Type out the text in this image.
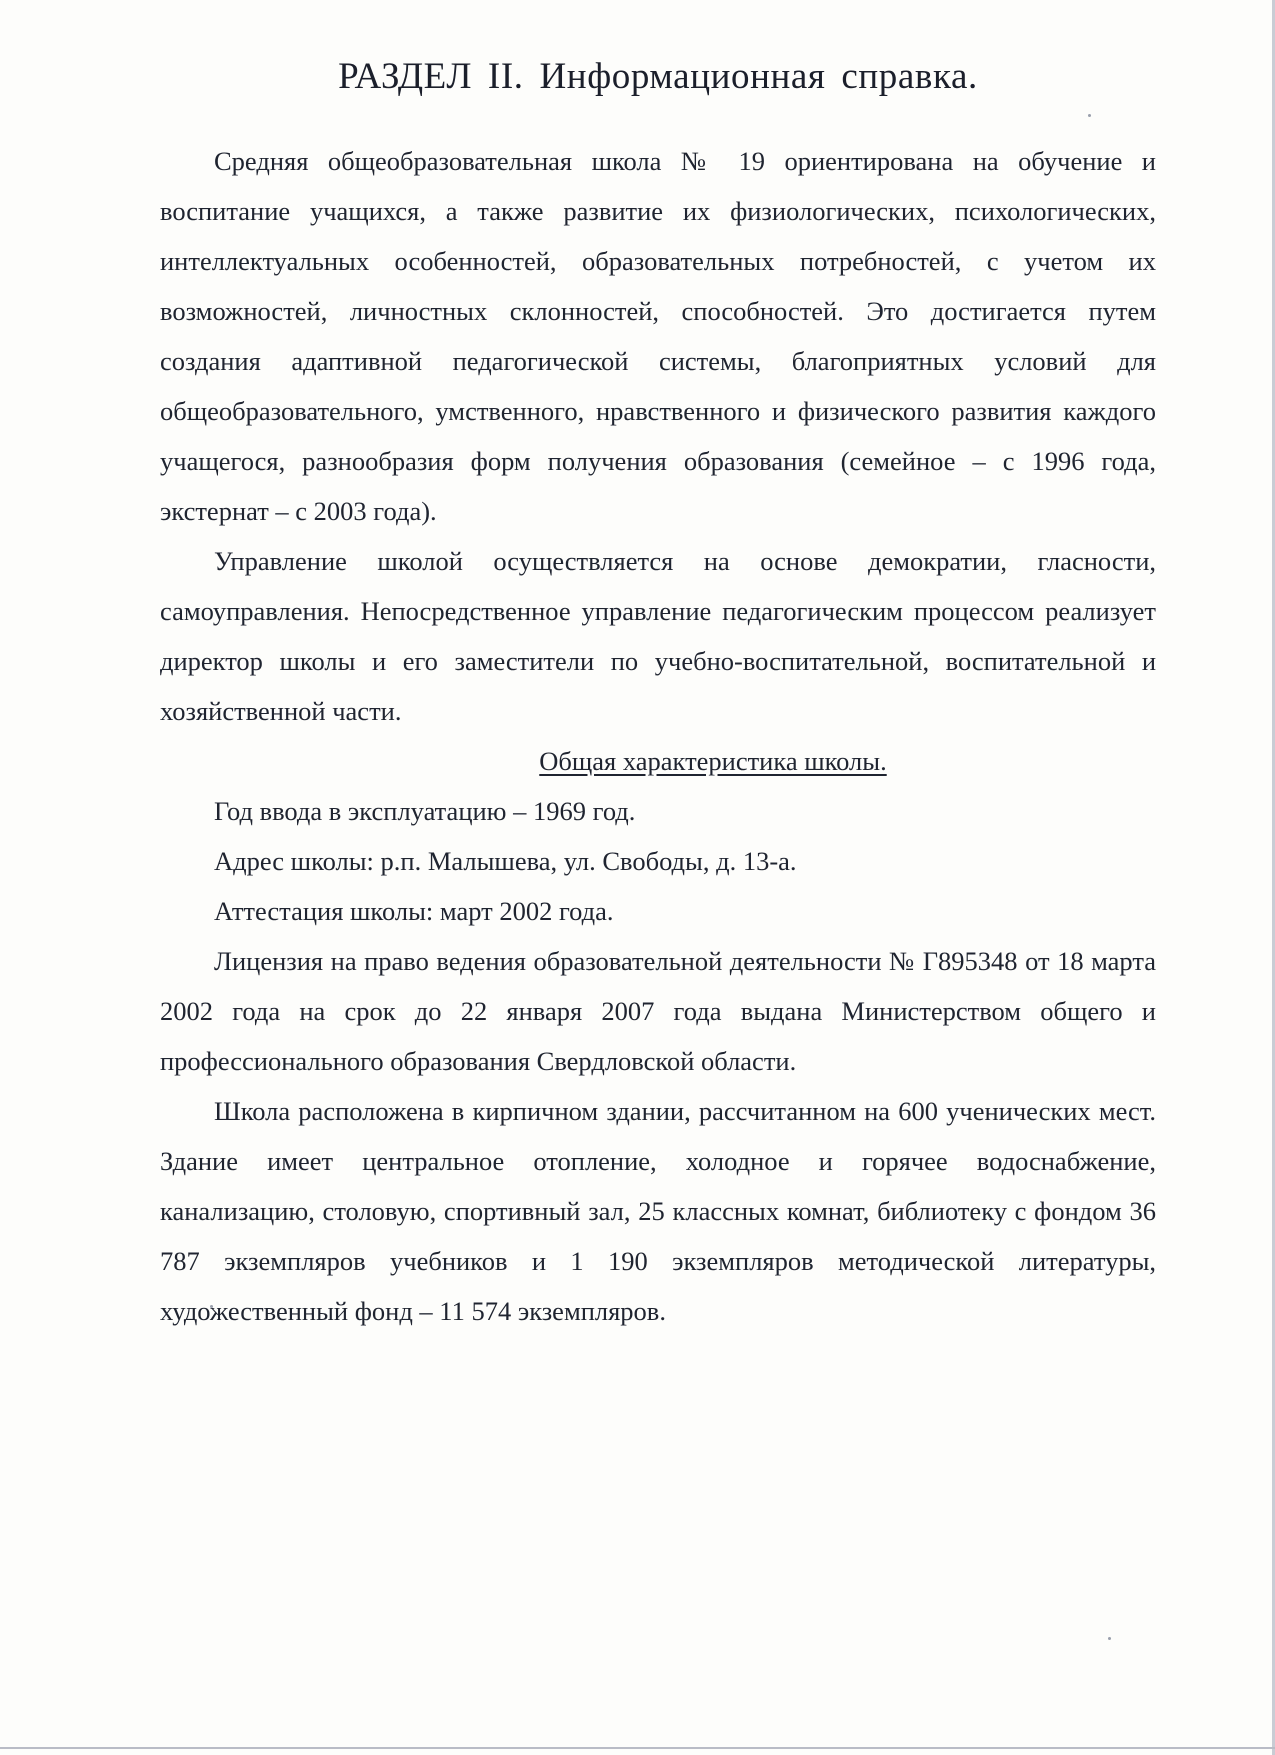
РАЗДЕЛ II. Информационная справка.

Средняя общеобразовательная школа № 19 ориентирована на обучение и воспитание учащихся, а также развитие их физиологических, психологических, интеллектуальных особенностей, образовательных потребностей, с учетом их возможностей, личностных склонностей, способностей. Это достигается путем создания адаптивной педагогической системы, благоприятных условий для общеобразовательного, умственного, нравственного и физического развития каждого учащегося, разнообразия форм получения образования (семейное – с 1996 года, экстернат – с 2003 года).

Управление школой осуществляется на основе демократии, гласности, самоуправления. Непосредственное управление педагогическим процессом реализует директор школы и его заместители по учебно-воспитательной, воспитательной и хозяйственной части.

Общая характеристика школы.

Год ввода в эксплуатацию – 1969 год.

Адрес школы: р.п. Малышева, ул. Свободы, д. 13-а.

Аттестация школы: март 2002 года.

Лицензия на право ведения образовательной деятельности № Г895348 от 18 марта 2002 года на срок до 22 января 2007 года выдана Министерством общего и профессионального образования Свердловской области.

Школа расположена в кирпичном здании, рассчитанном на 600 ученических мест. Здание имеет центральное отопление, холодное и горячее водоснабжение, канализацию, столовую, спортивный зал, 25 классных комнат, библиотеку с фондом 36 787 экземпляров учебников и 1 190 экземпляров методической литературы, художественный фонд – 11 574 экземпляров.
